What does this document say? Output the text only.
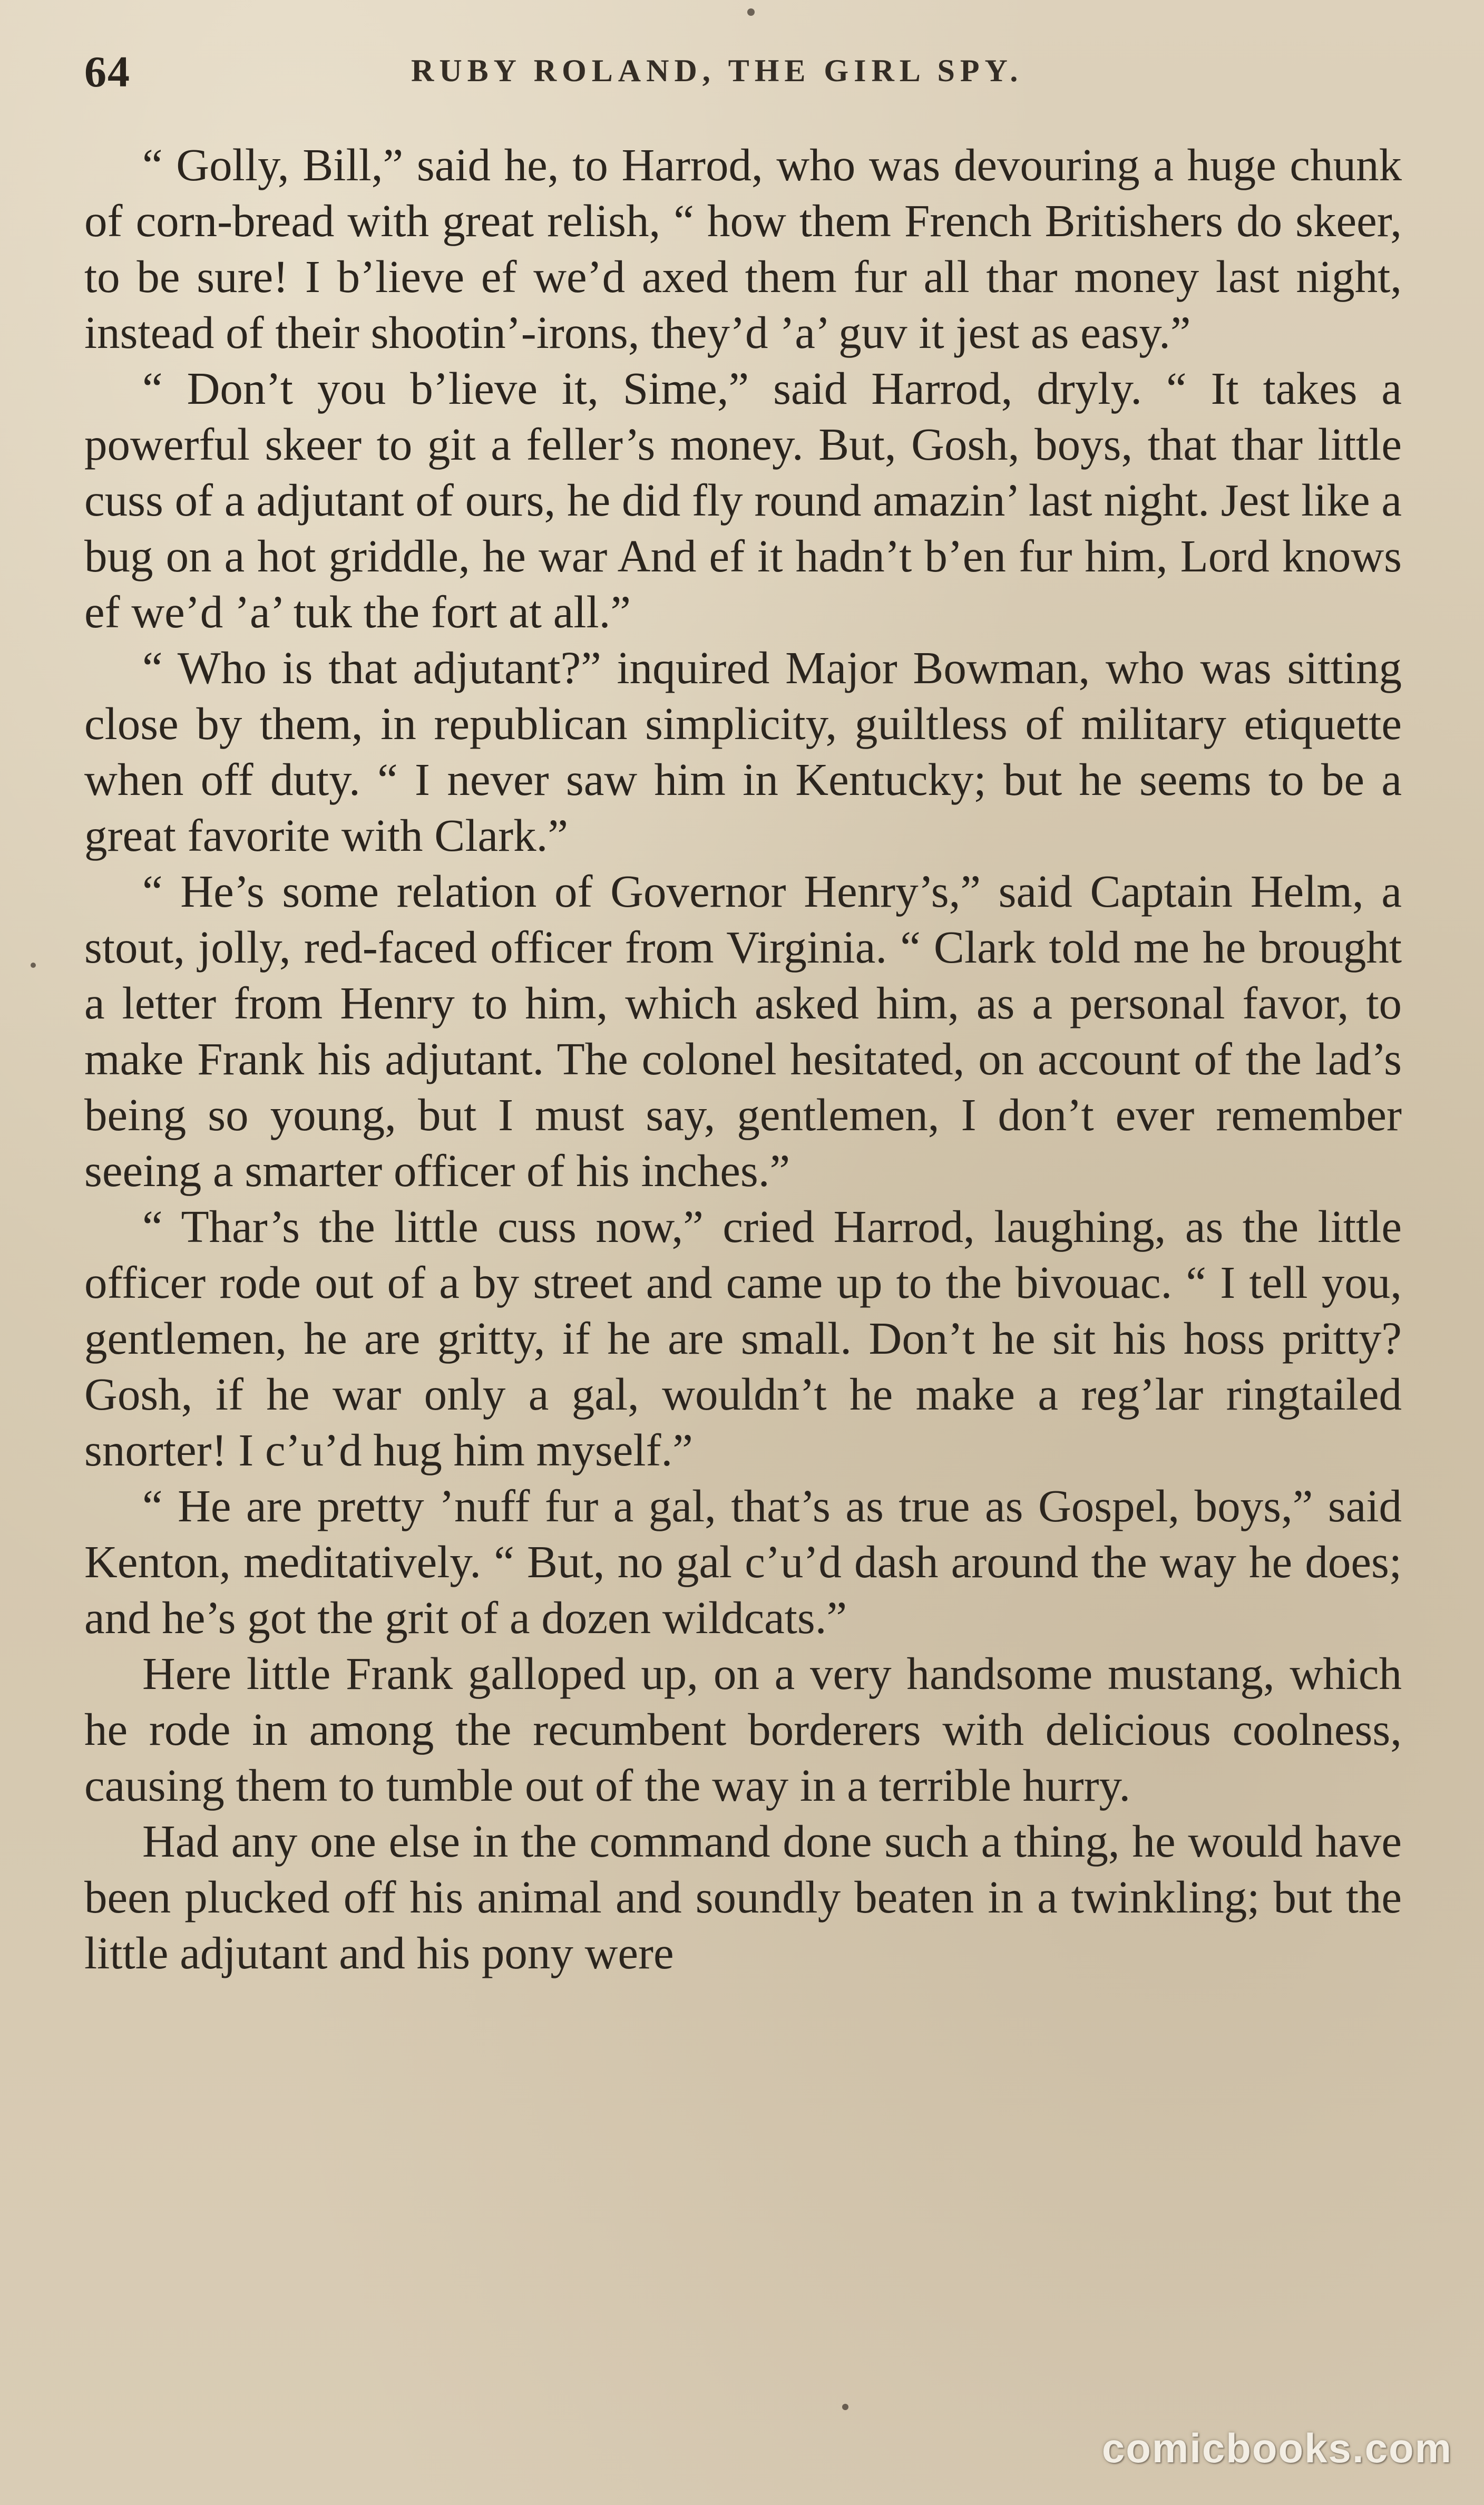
64	RUBY ROLAND, THE GIRL SPY.

“ Golly, Bill,” said he, to Harrod, who was devouring a huge chunk of corn-bread with great relish, “ how them French Britishers do skeer, to be sure! I b’lieve ef we’d axed them fur all thar money last night, instead of their shootin’-irons, they’d ’a’ guv it jest as easy.”

“ Don’t you b’lieve it, Sime,” said Harrod, dryly. “ It takes a powerful skeer to git a feller’s money. But, Gosh, boys, that thar little cuss of a adjutant of ours, he did fly round amazin’ last night. Jest like a bug on a hot griddle, he war And ef it hadn’t b’en fur him, Lord knows ef we’d ’a’ tuk the fort at all.”

“ Who is that adjutant?” inquired Major Bowman, who was sitting close by them, in republican simplicity, guiltless of military etiquette when off duty. “ I never saw him in Kentucky; but he seems to be a great favorite with Clark.”

“ He’s some relation of Governor Henry’s,” said Captain Helm, a stout, jolly, red-faced officer from Virginia. “ Clark told me he brought a letter from Henry to him, which asked him, as a personal favor, to make Frank his adjutant. The colonel hesitated, on account of the lad’s being so young, but I must say, gentlemen, I don’t ever remember seeing a smarter officer of his inches.”

“ Thar’s the little cuss now,” cried Harrod, laughing, as the little officer rode out of a by street and came up to the bivouac. “ I tell you, gentlemen, he are gritty, if he are small. Don’t he sit his hoss pritty? Gosh, if he war only a gal, wouldn’t he make a reg’lar ringtailed snorter! I c’u’d hug him myself.”

“ He are pretty ’nuff fur a gal, that’s as true as Gospel, boys,” said Kenton, meditatively. “ But, no gal c’u’d dash around the way he does; and he’s got the grit of a dozen wildcats.”

Here little Frank galloped up, on a very handsome mustang, which he rode in among the recumbent borderers with delicious coolness, causing them to tumble out of the way in a terrible hurry.

Had any one else in the command done such a thing, he would have been plucked off his animal and soundly beaten in a twinkling; but the little adjutant and his pony were

comicbooks.com
